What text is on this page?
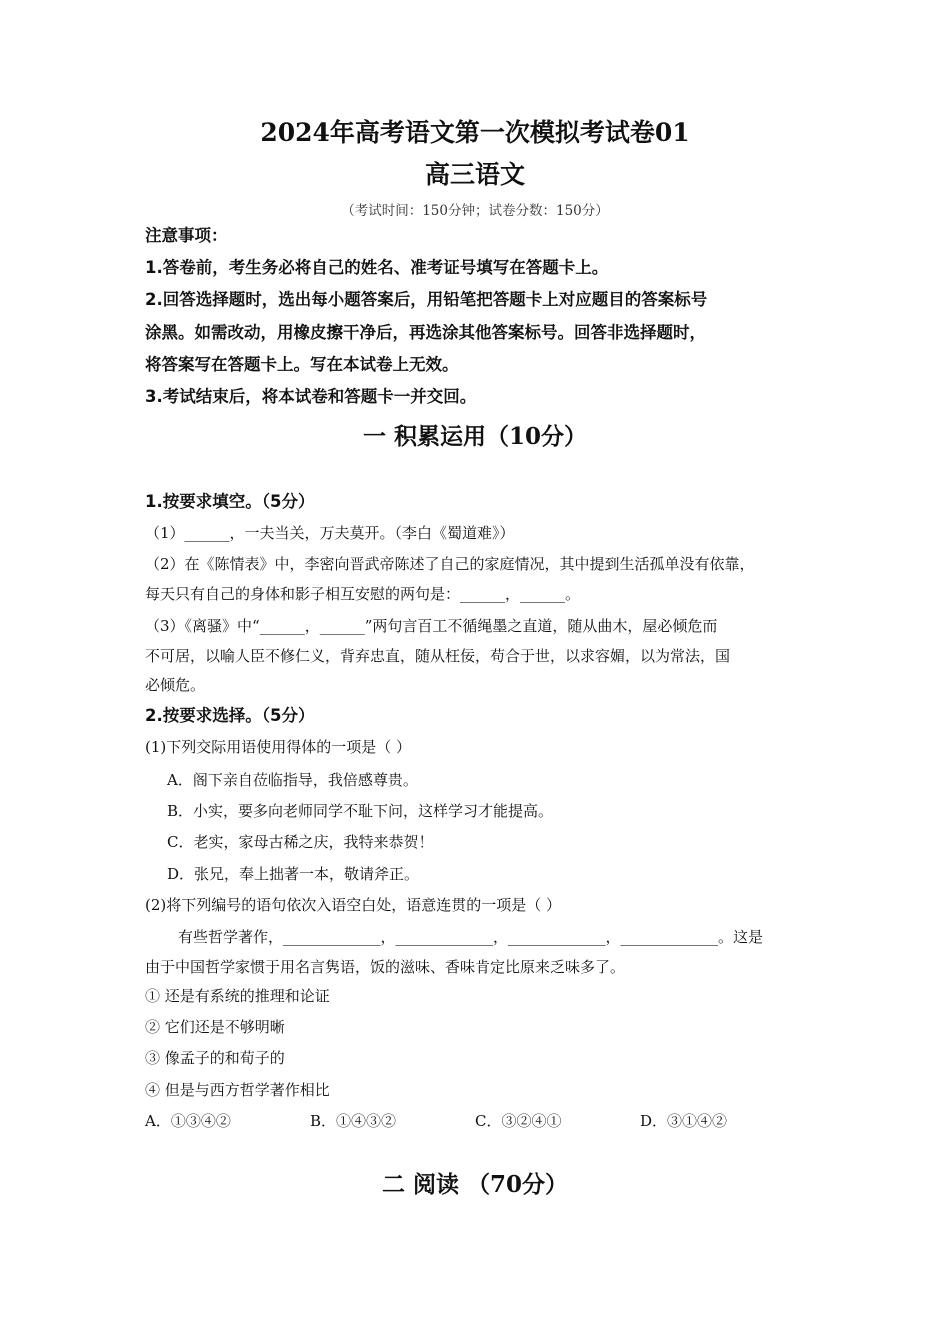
2024年高考语文第一次模拟考试卷01
高三语文
（考试时间：150分钟；试卷分数：150分）
注意事项：
1.答卷前，考生务必将自己的姓名、准考证号填写在答题卡上。
2.回答选择题时，选出每小题答案后，用铅笔把答题卡上对应题目的答案标号
涂黑。如需改动，用橡皮擦干净后，再选涂其他答案标号。回答非选择题时，
将答案写在答题卡上。写在本试卷上无效。
3.考试结束后，将本试卷和答题卡一并交回。
一 积累运用（10分）
1.按要求填空。（5分）
（1）______，一夫当关，万夫莫开。（李白《蜀道难》）
（2）在《陈情表》中，李密向晋武帝陈述了自己的家庭情况，其中提到生活孤单没有依靠，
每天只有自己的身体和影子相互安慰的两句是：______，______。
（3）《离骚》中“______，______”两句言百工不循绳墨之直道，随从曲木，屋必倾危而
不可居，以喻人臣不修仁义，背弃忠直，随从枉佞，苟合于世，以求容媚，以为常法，国
必倾危。
2.按要求选择。（5分）
(1)下列交际用语使用得体的一项是（ ）
A．阁下亲自莅临指导，我倍感尊贵。
B．小实，要多向老师同学不耻下问，这样学习才能提高。
C．老实，家母古稀之庆，我特来恭贺！
D．张兄，奉上拙著一本，敬请斧正。
(2)将下列编号的语句依次入语空白处，语意连贯的一项是（ ）
有些哲学著作，_____________，_____________，_____________，_____________。这是
由于中国哲学家惯于用名言隽语，饭的滋味、香味肯定比原来乏味多了。
① 还是有系统的推理和论证
② 它们还是不够明晰
③ 像孟子的和荀子的
④ 但是与西方哲学著作相比
A．①③④②	B．①④③②	C．③②④①	D．③①④②
二 阅读 （70分）
